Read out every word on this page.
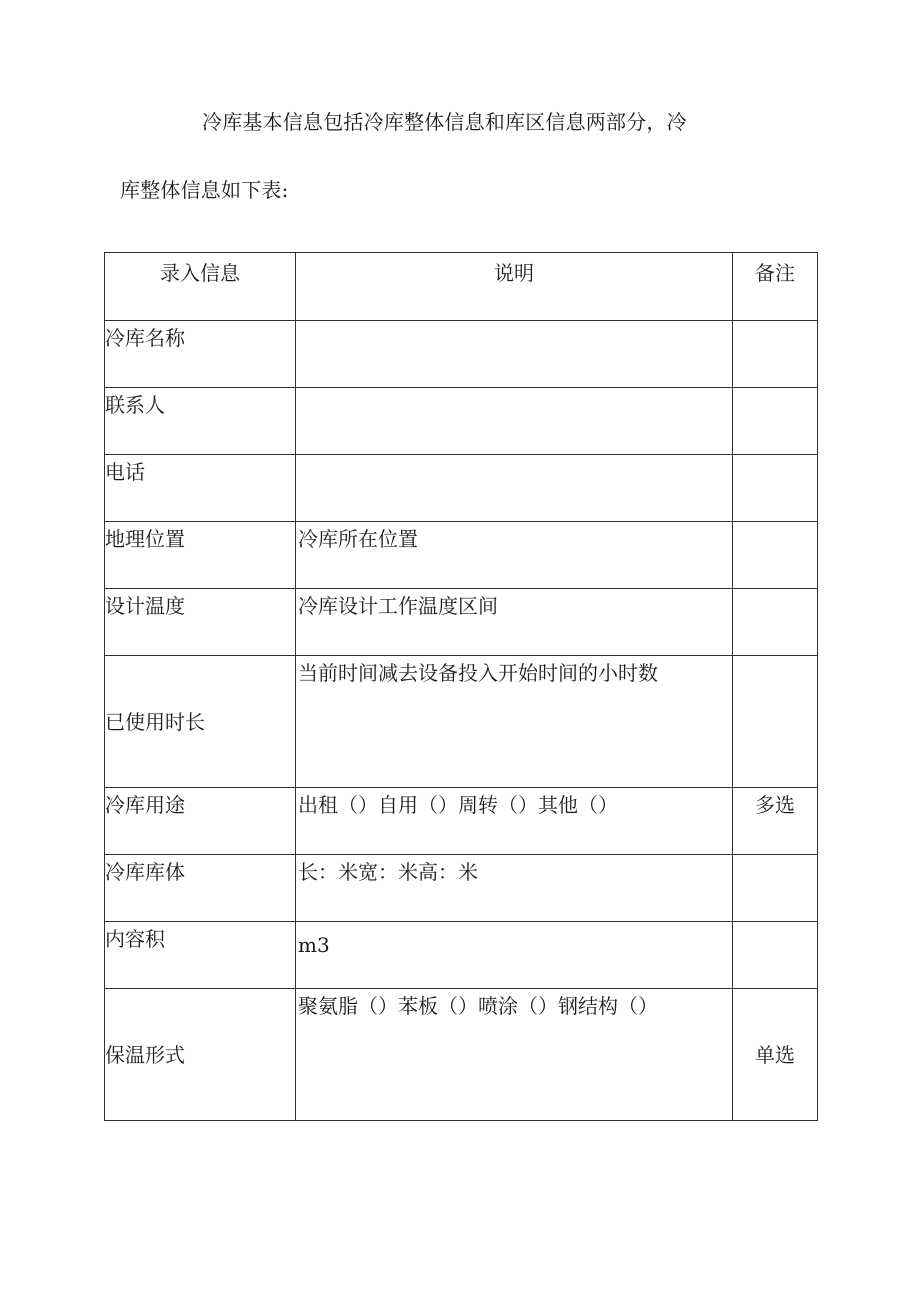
冷库基本信息包括冷库整体信息和库区信息两部分，冷
库整体信息如下表:
录入信息	说明	备注

冷库名称		

联系人		

电话		

地理位置	冷库所在位置	

设计温度	冷库设计工作温度区间	

已使用时长	当前时间减去设备投入开始时间的小时数	

冷库用途	出租（）自用（）周转（）其他（）	多选

冷库库体	长：米宽：米高：米	

内容积	m3	

保温形式	聚氨脂（）苯板（）喷涂（）钢结构（）	单选
